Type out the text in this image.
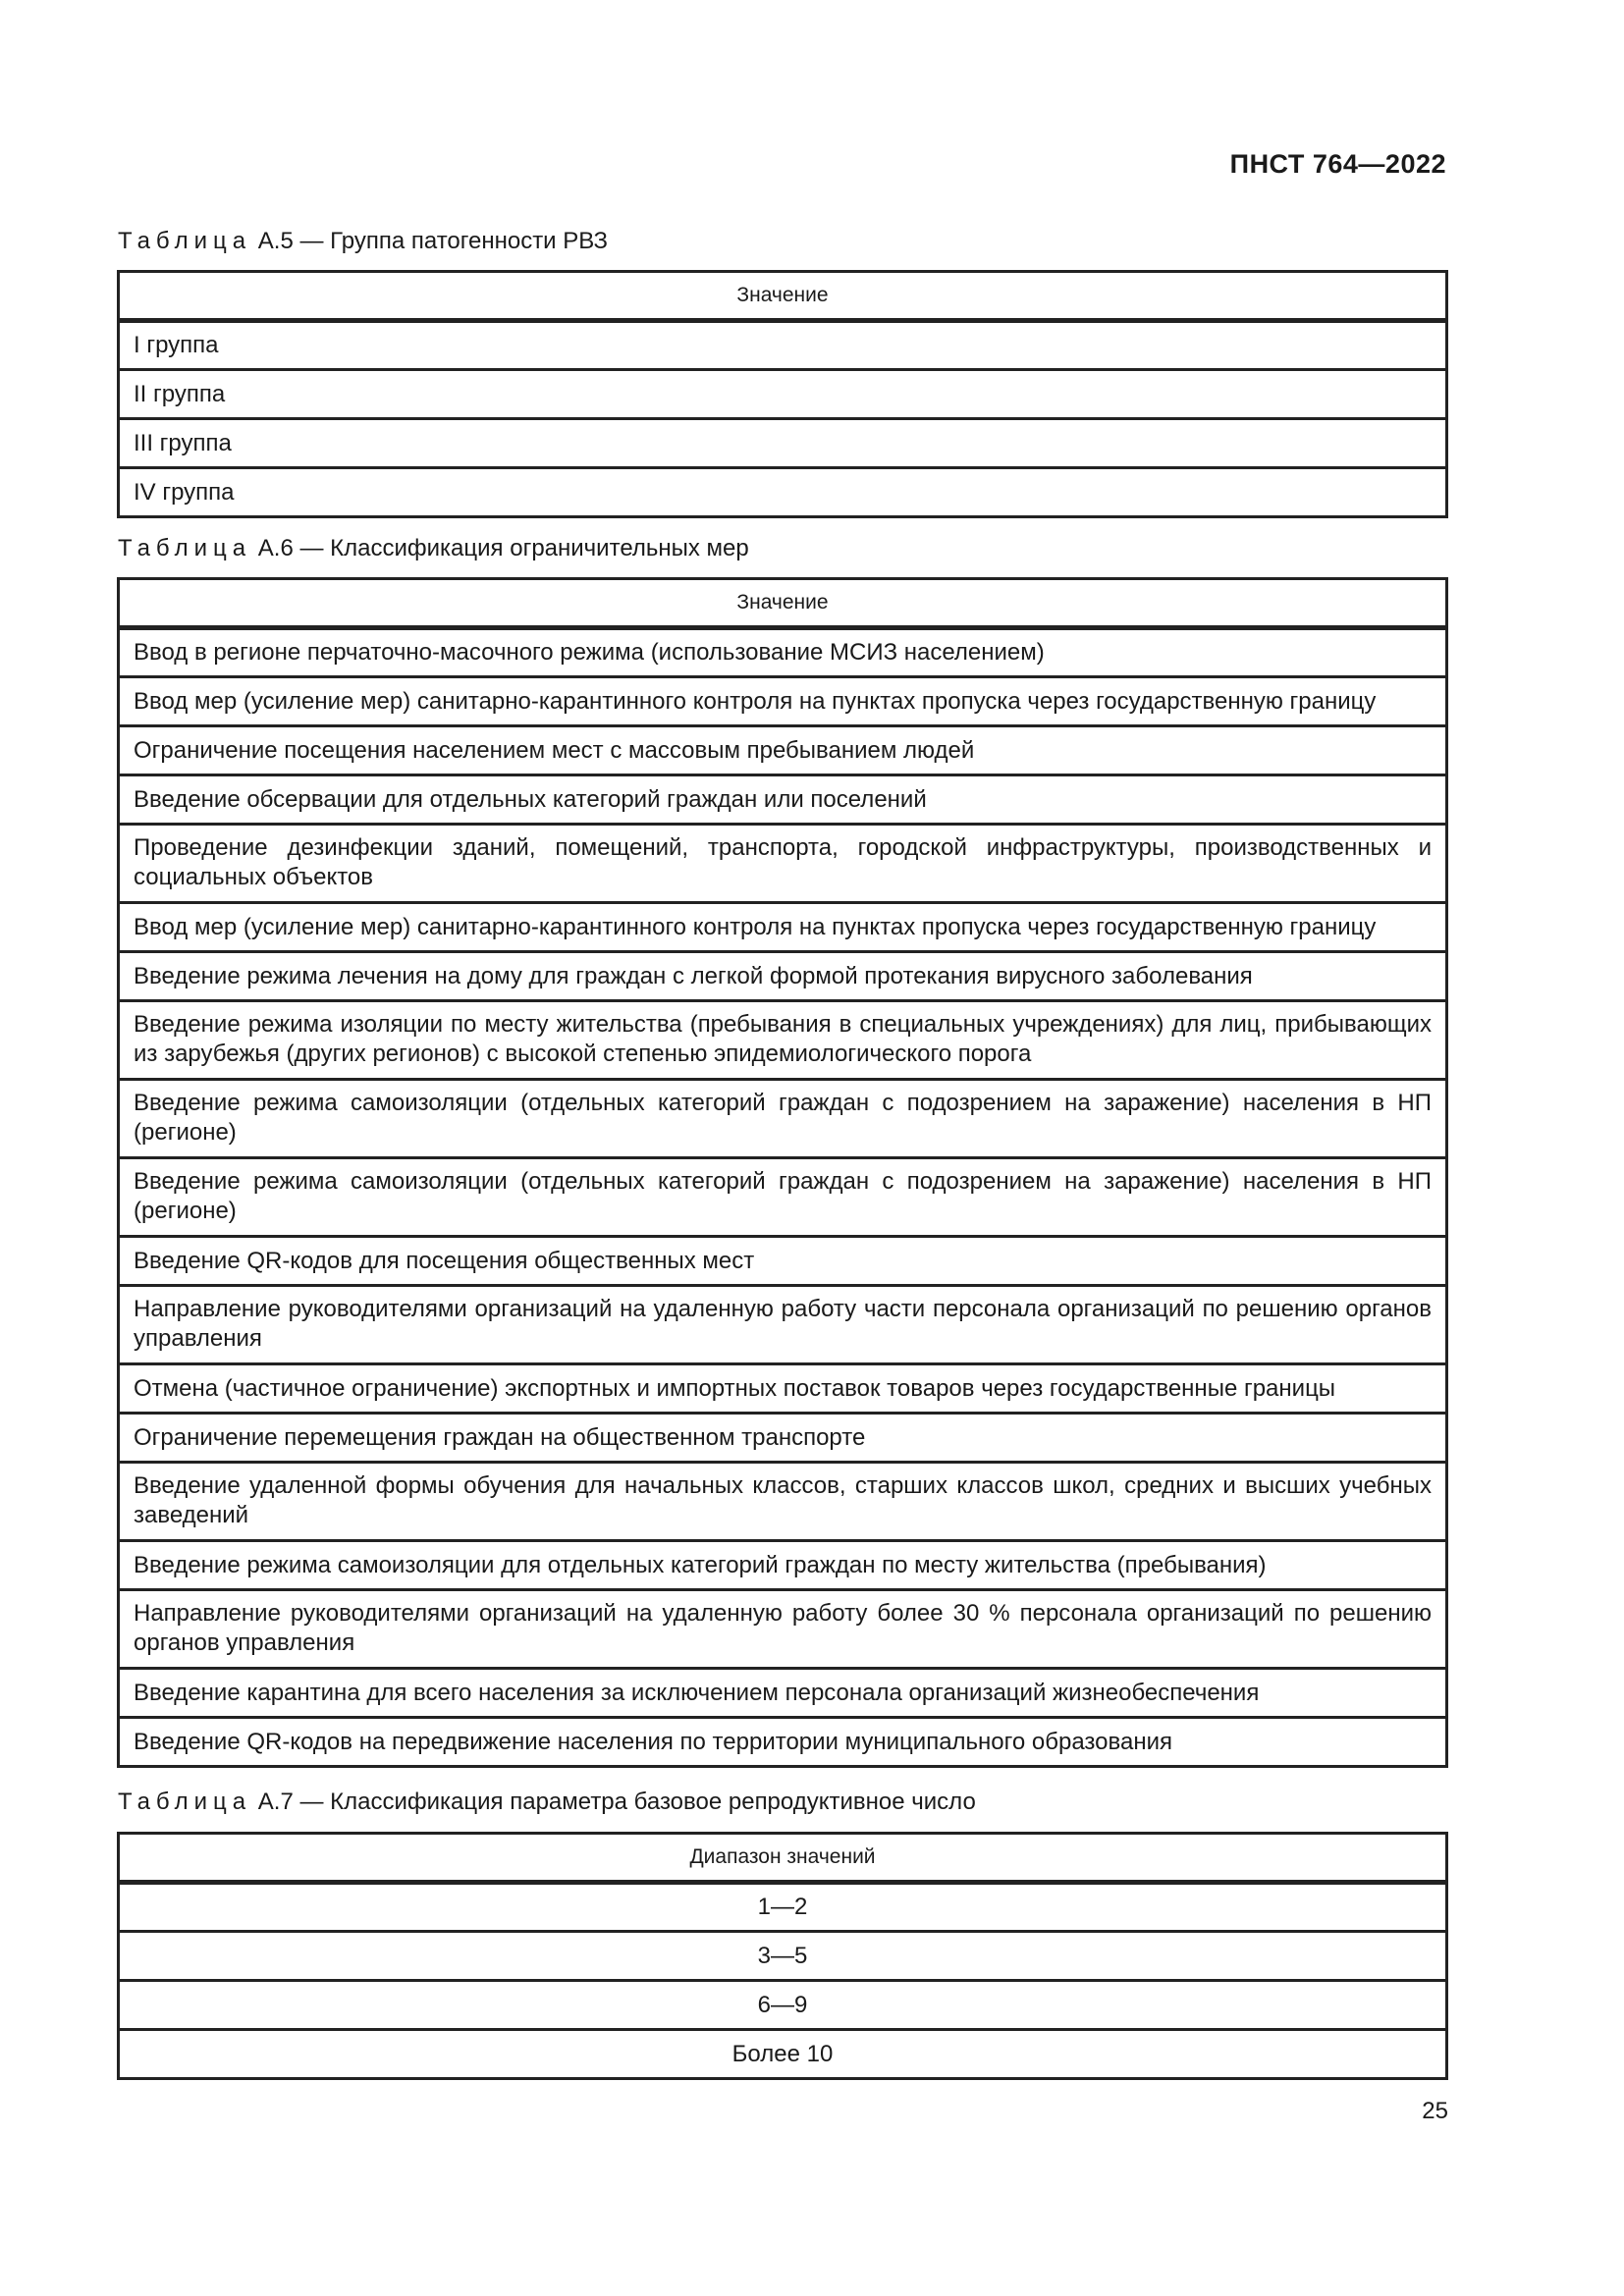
ПНСТ 764—2022
Таблица А.5 — Группа патогенности РВЗ
Значение
I группа
II группа
III группа
IV группа
Таблица А.6 — Классификация ограничительных мер
Значение
Ввод в регионе перчаточно-масочного режима (использование МСИЗ населением)
Ввод мер (усиление мер) санитарно-карантинного контроля на пунктах пропуска через государственную границу
Ограничение посещения населением мест с массовым пребыванием людей
Введение обсервации для отдельных категорий граждан или поселений
Проведение дезинфекции зданий, помещений, транспорта, городской инфраструктуры, производственных и социальных объектов
Ввод мер (усиление мер) санитарно-карантинного контроля на пунктах пропуска через государственную границу
Введение режима лечения на дому для граждан с легкой формой протекания вирусного заболевания
Введение режима изоляции по месту жительства (пребывания в специальных учреждениях) для лиц, прибывающих из зарубежья (других регионов) с высокой степенью эпидемиологического порога
Введение режима самоизоляции (отдельных категорий граждан с подозрением на заражение) населения в НП (регионе)
Введение режима самоизоляции (отдельных категорий граждан с подозрением на заражение) населения в НП (регионе)
Введение QR-кодов для посещения общественных мест
Направление руководителями организаций на удаленную работу части персонала организаций по решению органов управления
Отмена (частичное ограничение) экспортных и импортных поставок товаров через государственные границы
Ограничение перемещения граждан на общественном транспорте
Введение удаленной формы обучения для начальных классов, старших классов школ, средних и высших учебных заведений
Введение режима самоизоляции для отдельных категорий граждан по месту жительства (пребывания)
Направление руководителями организаций на удаленную работу более 30 % персонала организаций по решению органов управления
Введение карантина для всего населения за исключением персонала организаций жизнеобеспечения
Введение QR-кодов на передвижение населения по территории муниципального образования
Таблица А.7 — Классификация параметра базовое репродуктивное число
Диапазон значений
1—2
3—5
6—9
Более 10
25
